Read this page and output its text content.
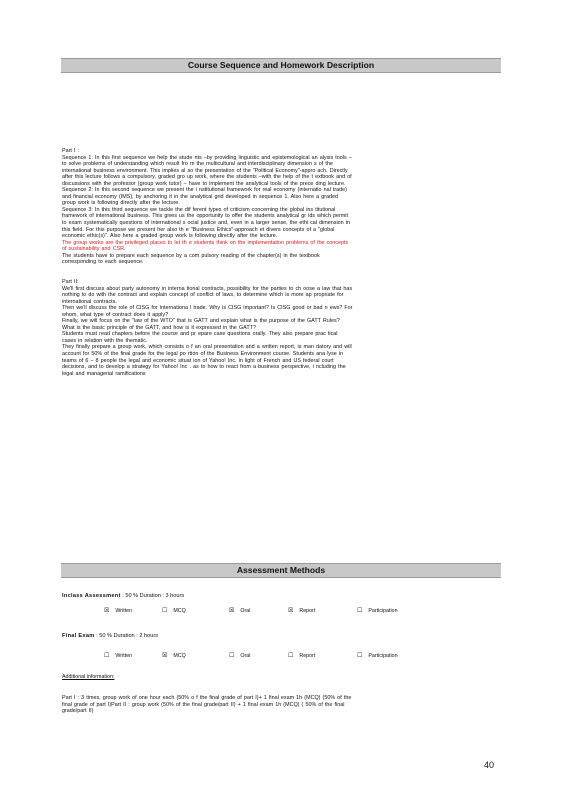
Course Sequence and Homework Description

Part I :

Sequence 1: In this first sequence we help the stude nts –by providing linguistic and epistemological an alysis tools –

to solve problems of understanding which result fro m the multicultural and interdisciplinary dimension s of the

international business environment. This implies al so the presentation of the "Political Economy"-appro ach. Directly

after this lecture follows a compulsory, graded gro up work, where the students –with the help of the t extbook and of

discussions with the professor (group work tutor) – have to implement the analytical tools of the prece ding lecture.

Sequence 2: In this second sequence we present the i nstitutional framework for real economy (internatio nal trade)

and financial economy (IMS), by anchoring it in the analytical grid developed in sequence 1. Also here a graded

group work is following directly after the lecture.

Sequence 3: In this third sequence we tackle the dif ferent types of criticism concerning the global ins titutional

framework of international business. This gives us the opportunity to offer the students analytical gr ids which permit

to exam systematically questions of international s ocial justice and, even in a larger sense, the ethi cal dimension in

this field. For this purpose we present her also th e "Business Ethics"-approach et divers concepts of a "global

economic ethic(s)". Also here a graded group work is following directly after the lecture.

The group works are the privileged places to let th e students think on the implementation problems of the concepts

of sustainability and CSR.

The students have to prepare each sequence by a com pulsory reading of the chapter(s) in the textbook

corresponding to each sequence.

Part II:

We'll first discuss about party autonomy in interna tional contracts, possibility for the parties to ch oose a law that has

nothing to do with the contract and explain concept of conflict of laws, to determine which is more ap propriate for

international contracts.

Then we'll discuss the role of CISG for internationa l trade. Why is CISG important? Is CISG good or bad n ews? For

whom, what type of contract does it apply?

Finally, we will focus on the "law of the WTO" that is GATT and explain what is the purpose of the GATT Rules?

What is the basic principle of the GATT, and how is it expressed in the GATT?

Students must read chapters before the course and pr epare case questions orally. They also prepare prac tical

cases in relation with the thematic.

They finally prepare a group work, which consists o f an oral presentation and a written report, is man datory and will

account for 50% of the final grade for the legal po rtion of the Business Environment course. Students ana lyse in

teams of 6 – 8 people the legal and economic situat ion of Yahoo! Inc. in light of French and US federal court

decisions, and to develop a strategy for Yahoo! Inc . as to how to react from a business perspective, i ncluding the

legal and managerial ramifications

Assessment Methods
Inclass Assessment : 50 % Duration : 3 hours
☒ Written	☐ MCQ	☒ Oral	☒ Report	☐ Participation
Final Exam : 50 % Duration : 2 hours
☐ Written	☒ MCQ	☐ Oral	☐ Report	☐ Participation
Additional information:

Part I : 3 times, group work of one hour each (50% o f the final grade of part I)+ 1 final exam 1h (MCQ) (50% of the

final grade of part I)Part II : group work (50% of the final grade/part II) + 1 final exam 1h (MCQ) ( 50% of the final

grade/part II)

40
